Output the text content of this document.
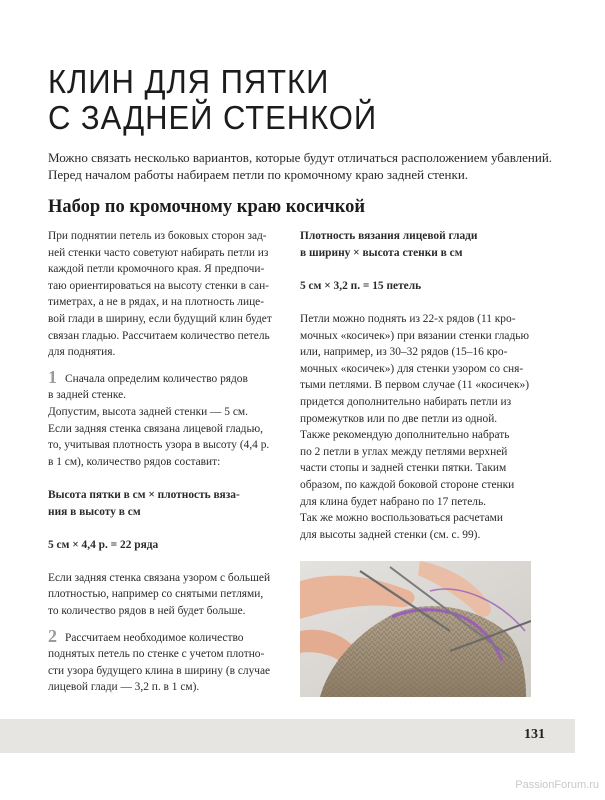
КЛИН ДЛЯ ПЯТКИ
С ЗАДНЕЙ СТЕНКОЙ
Можно связать несколько вариантов, которые будут отличаться расположением убавлений.
Перед началом работы набираем петли по кромочному краю задней стенки.
Набор по кромочному краю косичкой
При поднятии петель из боковых сторон зад-
ней стенки часто советуют набирать петли из
каждой петли кромочного края. Я предпочи-
таю ориентироваться на высоту стенки в сан-
тиметрах, а не в рядах, и на плотность лице-
вой глади в ширину, если будущий клин будет
связан гладью. Рассчитаем количество петель
для поднятия.
1 Сначала определим количество рядов
в задней стенке.
Допустим, высота задней стенки — 5 см.
Если задняя стенка связана лицевой гладью,
то, учитывая плотность узора в высоту (4,4 р.
в 1 см), количество рядов составит:
Высота пятки в см × плотность вяза-
ния в высоту в см
5 см × 4,4 р. = 22 ряда
Если задняя стенка связана узором с большей
плотностью, например со снятыми петлями,
то количество рядов в ней будет больше.
2 Рассчитаем необходимое количество
поднятых петель по стенке с учетом плотно-
сти узора будущего клина в ширину (в случае
лицевой глади — 3,2 п. в 1 см).
Плотность вязания лицевой глади
в ширину × высота стенки в см
5 см × 3,2 п. = 15 петель
Петли можно поднять из 22-х рядов (11 кро-
мочных «косичек») при вязании стенки гладью
или, например, из 30–32 рядов (15–16 кро-
мочных «косичек») для стенки узором со сня-
тыми петлями. В первом случае (11 «косичек»)
придется дополнительно набирать петли из
промежутков или по две петли из одной.
Также рекомендую дополнительно набрать
по 2 петли в углах между петлями верхней
части стопы и задней стенки пятки. Таким
образом, по каждой боковой стороне стенки
для клина будет набрано по 17 петель.
Так же можно воспользоваться расчетами
для высоты задней стенки (см. с. 99).
131
PassionForum.ru
